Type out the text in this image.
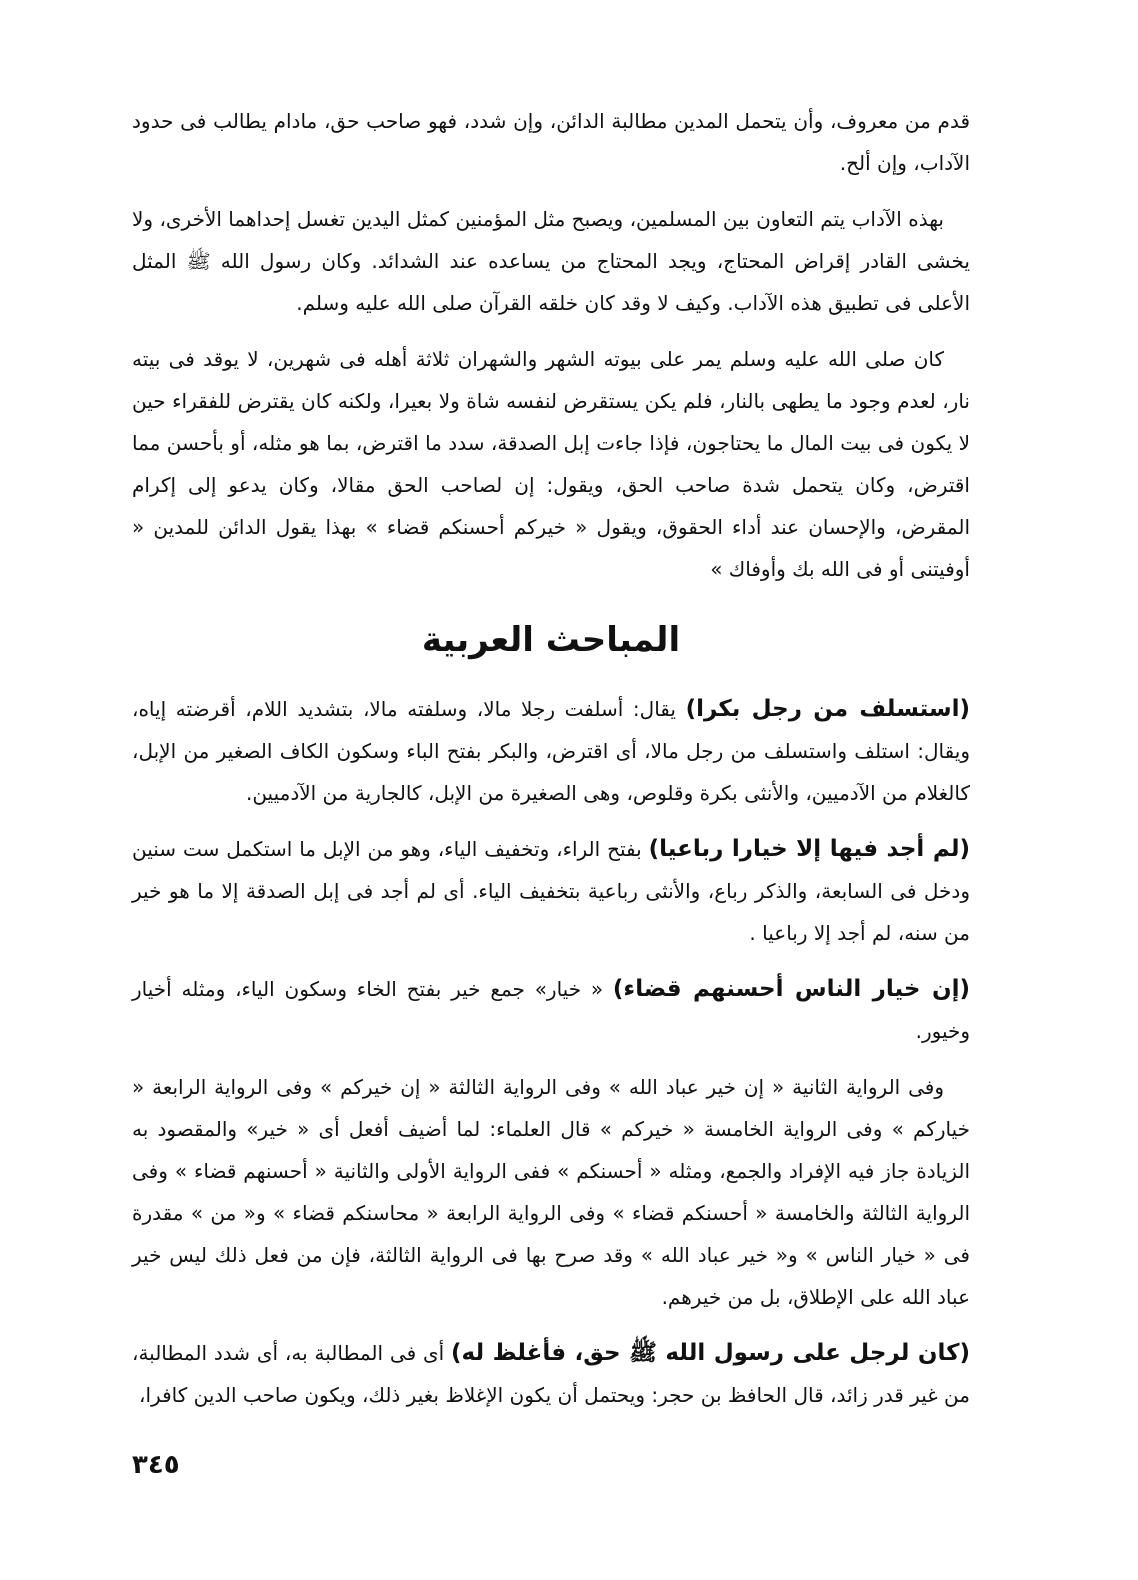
قدم من معروف، وأن يتحمل المدين مطالبة الدائن، وإن شدد، فهو صاحب حق، مادام يطالب فى حدود الآداب، وإن ألح.

بهذه الآداب يتم التعاون بين المسلمين، ويصبح مثل المؤمنين كمثل اليدين تغسل إحداهما الأخرى، ولا يخشى القادر إقراض المحتاج، ويجد المحتاج من يساعده عند الشدائد. وكان رسول الله ﷺ المثل الأعلى فى تطبيق هذه الآداب. وكيف لا وقد كان خلقه القرآن صلى الله عليه وسلم.

كان صلى الله عليه وسلم يمر على بيوته الشهر والشهران ثلاثة أهله فى شهرين، لا يوقد فى بيته نار، لعدم وجود ما يطهى بالنار، فلم يكن يستقرض لنفسه شاة ولا بعيرا، ولكنه كان يقترض للفقراء حين لا يكون فى بيت المال ما يحتاجون، فإذا جاءت إبل الصدقة، سدد ما اقترض، بما هو مثله، أو بأحسن مما اقترض، وكان يتحمل شدة صاحب الحق، ويقول: إن لصاحب الحق مقالا، وكان يدعو إلى إكرام المقرض، والإحسان عند أداء الحقوق، ويقول « خيركم أحسنكم قضاء » بهذا يقول الدائن للمدين « أوفيتنى أو فى الله بك وأوفاك »

المباحث العربية

(استسلف من رجل بكرا) يقال: أسلفت رجلا مالا، وسلفته مالا، بتشديد اللام، أقرضته إياه، ويقال: استلف واستسلف من رجل مالا، أى اقترض، والبكر بفتح الباء وسكون الكاف الصغير من الإبل، كالغلام من الآدميين، والأنثى بكرة وقلوص، وهى الصغيرة من الإبل، كالجارية من الآدميين.

(لم أجد فيها إلا خيارا رباعيا) بفتح الراء، وتخفيف الياء، وهو من الإبل ما استكمل ست سنين ودخل فى السابعة، والذكر رباع، والأنثى رباعية بتخفيف الياء. أى لم أجد فى إبل الصدقة إلا ما هو خير من سنه، لم أجد إلا رباعيا .

(إن خيار الناس أحسنهم قضاء) « خيار» جمع خير بفتح الخاء وسكون الياء، ومثله أخيار وخيور.

وفى الرواية الثانية « إن خير عباد الله » وفى الرواية الثالثة « إن خيركم » وفى الرواية الرابعة « خياركم » وفى الرواية الخامسة « خيركم » قال العلماء: لما أضيف أفعل أى « خير» والمقصود به الزيادة جاز فيه الإفراد والجمع، ومثله « أحسنكم » ففى الرواية الأولى والثانية « أحسنهم قضاء » وفى الرواية الثالثة والخامسة « أحسنكم قضاء » وفى الرواية الرابعة « محاسنكم قضاء » و« من » مقدرة فى « خيار الناس » و« خير عباد الله » وقد صرح بها فى الرواية الثالثة، فإن من فعل ذلك ليس خير عباد الله على الإطلاق، بل من خيرهم.

(كان لرجل على رسول الله ﷺ حق، فأغلظ له) أى فى المطالبة به، أى شدد المطالبة، من غير قدر زائد، قال الحافظ بن حجر: ويحتمل أن يكون الإغلاظ بغير ذلك، ويكون صاحب الدين كافرا،

٣٤٥
